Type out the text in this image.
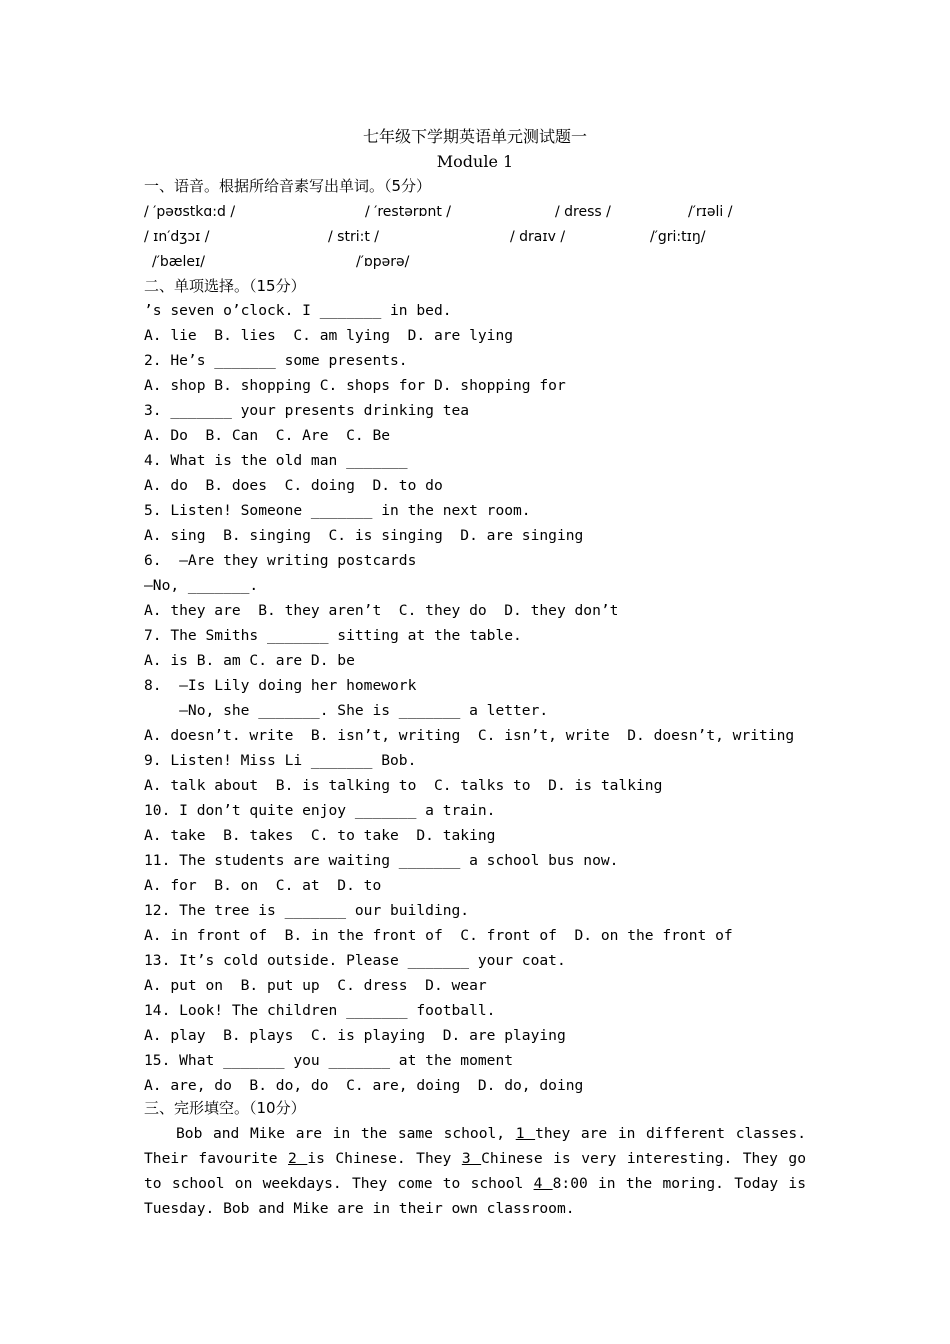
七年级下学期英语单元测试题一
Module 1
一、语音。根据所给音素写出单词。（5分）
/ ′pəʊstkɑ:d /	/ ′restərɒnt /	/ dress /	/′rɪəli /
/ ɪn′dʒɔɪ /	/ stri:t /	/ draɪv /	/′gri:tɪŋ/
/′bæleɪ/	/′ɒpərə/
二、单项选择。（15分）
’s seven o’clock. I _______ in bed.
A. lie  B. lies  C. am lying  D. are lying
2. He’s _______ some presents.
A. shop B. shopping C. shops for D. shopping for
3. _______ your presents drinking tea
A. Do  B. Can  C. Are  C. Be
4. What is the old man _______
A. do  B. does  C. doing  D. to do
5. Listen! Someone _______ in the next room.
A. sing  B. singing  C. is singing  D. are singing
6.  –Are they writing postcards
–No, _______.
A. they are  B. they aren’t  C. they do  D. they don’t
7. The Smiths _______ sitting at the table.
A. is B. am C. are D. be
8.  –Is Lily doing her homework
–No, she _______. She is _______ a letter.
A. doesn’t. write  B. isn’t, writing  C. isn’t, write  D. doesn’t, writing
9. Listen! Miss Li _______ Bob.
A. talk about  B. is talking to  C. talks to  D. is talking
10. I don’t quite enjoy _______ a train.
A. take  B. takes  C. to take  D. taking
11. The students are waiting _______ a school bus now.
A. for  B. on  C. at  D. to
12. The tree is _______ our building.
A. in front of  B. in the front of  C. front of  D. on the front of
13. It’s cold outside. Please _______ your coat.
A. put on  B. put up  C. dress  D. wear
14. Look! The children _______ football.
A. play  B. plays  C. is playing  D. are playing
15. What _______ you _______ at the moment
A. are, do  B. do, do  C. are, doing  D. do, doing
三、完形填空。（10分）
Bob and Mike are in the same school, 1 they are in different classes.
Their favourite 2 is Chinese. They 3 Chinese is very interesting. They go
to school on weekdays. They come to school 4 8:00 in the moring. Today is
Tuesday. Bob and Mike are in their own classroom.
